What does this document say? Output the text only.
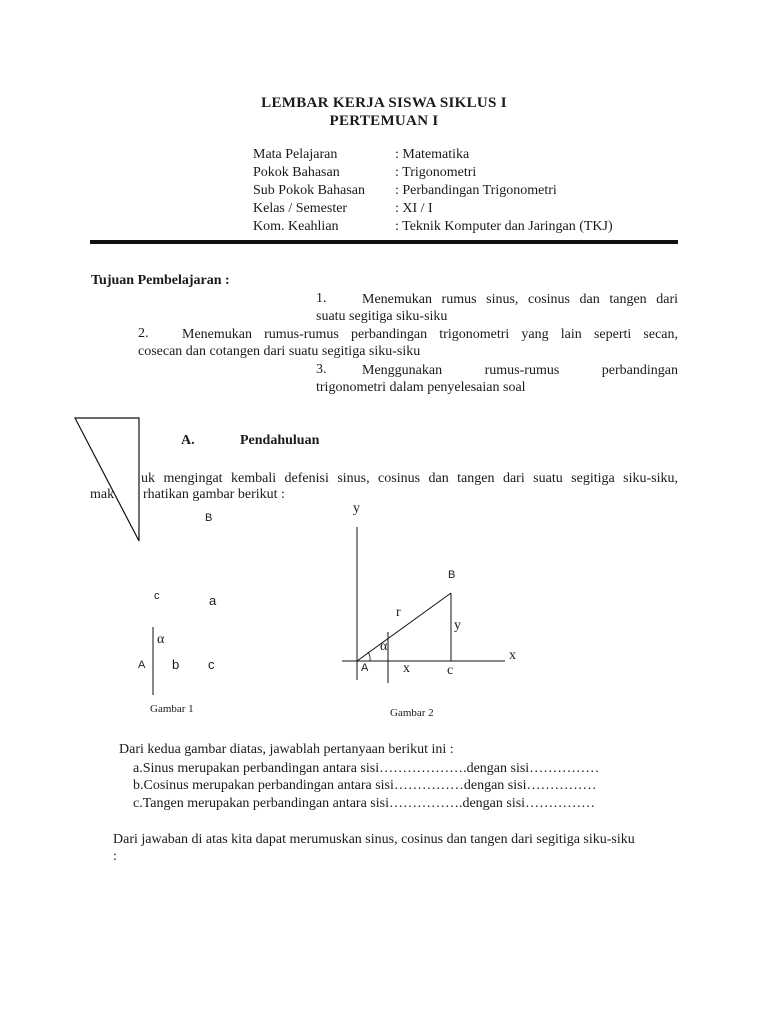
LEMBAR KERJA SISWA SIKLUS I
PERTEMUAN I
Mata Pelajaran	: Matematika
Pokok Bahasan	: Trigonometri
Sub Pokok Bahasan : Perbandingan Trigonometri
Kelas / Semester	: XI / I
Kom. Keahlian	: Teknik Komputer dan Jaringan (TKJ)
Tujuan Pembelajaran :
1.	Menemukan rumus sinus, cosinus dan tangen dari
suatu segitiga siku-siku
2. Menemukan rumus-rumus perbandingan trigonometri yang lain seperti secan,
cosecan dan cotangen dari suatu segitiga siku-siku
3.	Menggunakan rumus-rumus perbandingan
trigonometri dalam penyelesaian soal
A.	Pendahuluan
uk mengingat kembali defenisi sinus, cosinus dan tangen dari suatu segitiga siku-siku,
mak rhatikan gambar berikut :
B
c	a
α
A b c
Gambar 1
y
B
r
y
α
x
A x	c
Gambar 2
Dari kedua gambar diatas, jawablah pertanyaan berikut ini :
a.Sinus merupakan perbandingan antara sisi……………….dengan sisi……………
b.Cosinus merupakan perbandingan antara sisi……………dengan sisi……………
c.Tangen merupakan perbandingan antara sisi…………….dengan sisi……………
Dari jawaban di atas kita dapat merumuskan sinus, cosinus dan tangen dari segitiga siku-siku
:
